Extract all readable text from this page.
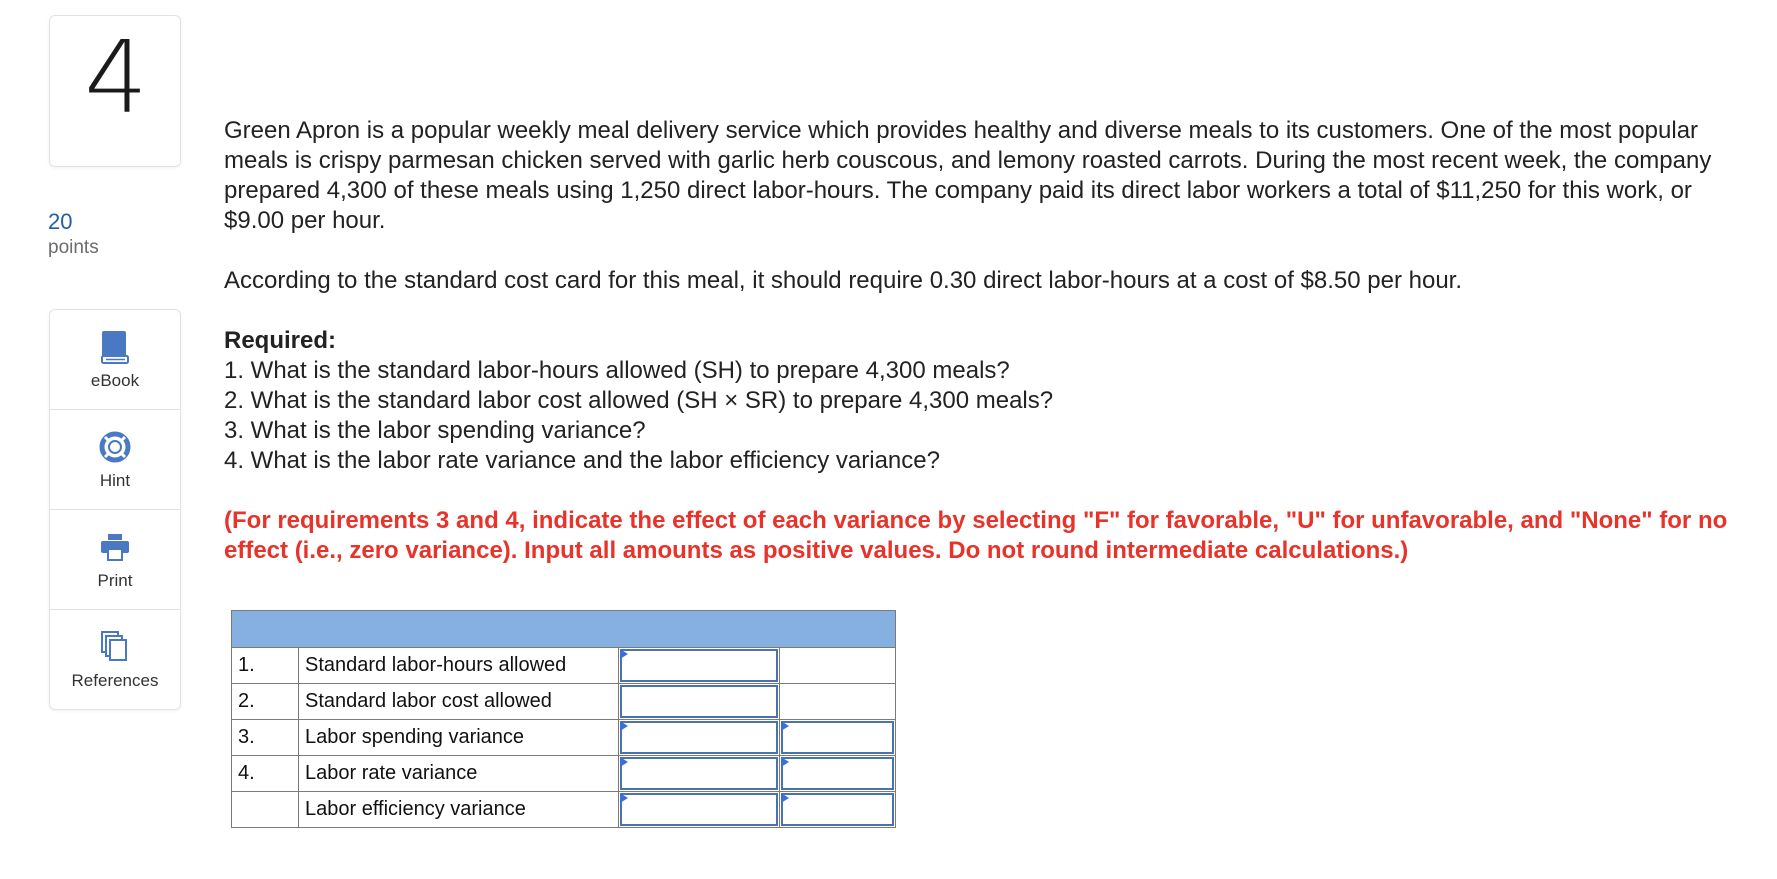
4
20
points
eBook
Hint
Print
References

Green Apron is a popular weekly meal delivery service which provides healthy and diverse meals to its customers. One of the most popular meals is crispy parmesan chicken served with garlic herb couscous, and lemony roasted carrots. During the most recent week, the company prepared 4,300 of these meals using 1,250 direct labor-hours. The company paid its direct labor workers a total of $11,250 for this work, or $9.00 per hour.

According to the standard cost card for this meal, it should require 0.30 direct labor-hours at a cost of $8.50 per hour.

Required:
1. What is the standard labor-hours allowed (SH) to prepare 4,300 meals?
2. What is the standard labor cost allowed (SH × SR) to prepare 4,300 meals?
3. What is the labor spending variance?
4. What is the labor rate variance and the labor efficiency variance?

(For requirements 3 and 4, indicate the effect of each variance by selecting "F" for favorable, "U" for unfavorable, and "None" for no effect (i.e., zero variance). Input all amounts as positive values. Do not round intermediate calculations.)

1.	Standard labor-hours allowed	

2.	Standard labor cost allowed	

3.	Labor spending variance	

4.	Labor rate variance	

	Labor efficiency variance	
